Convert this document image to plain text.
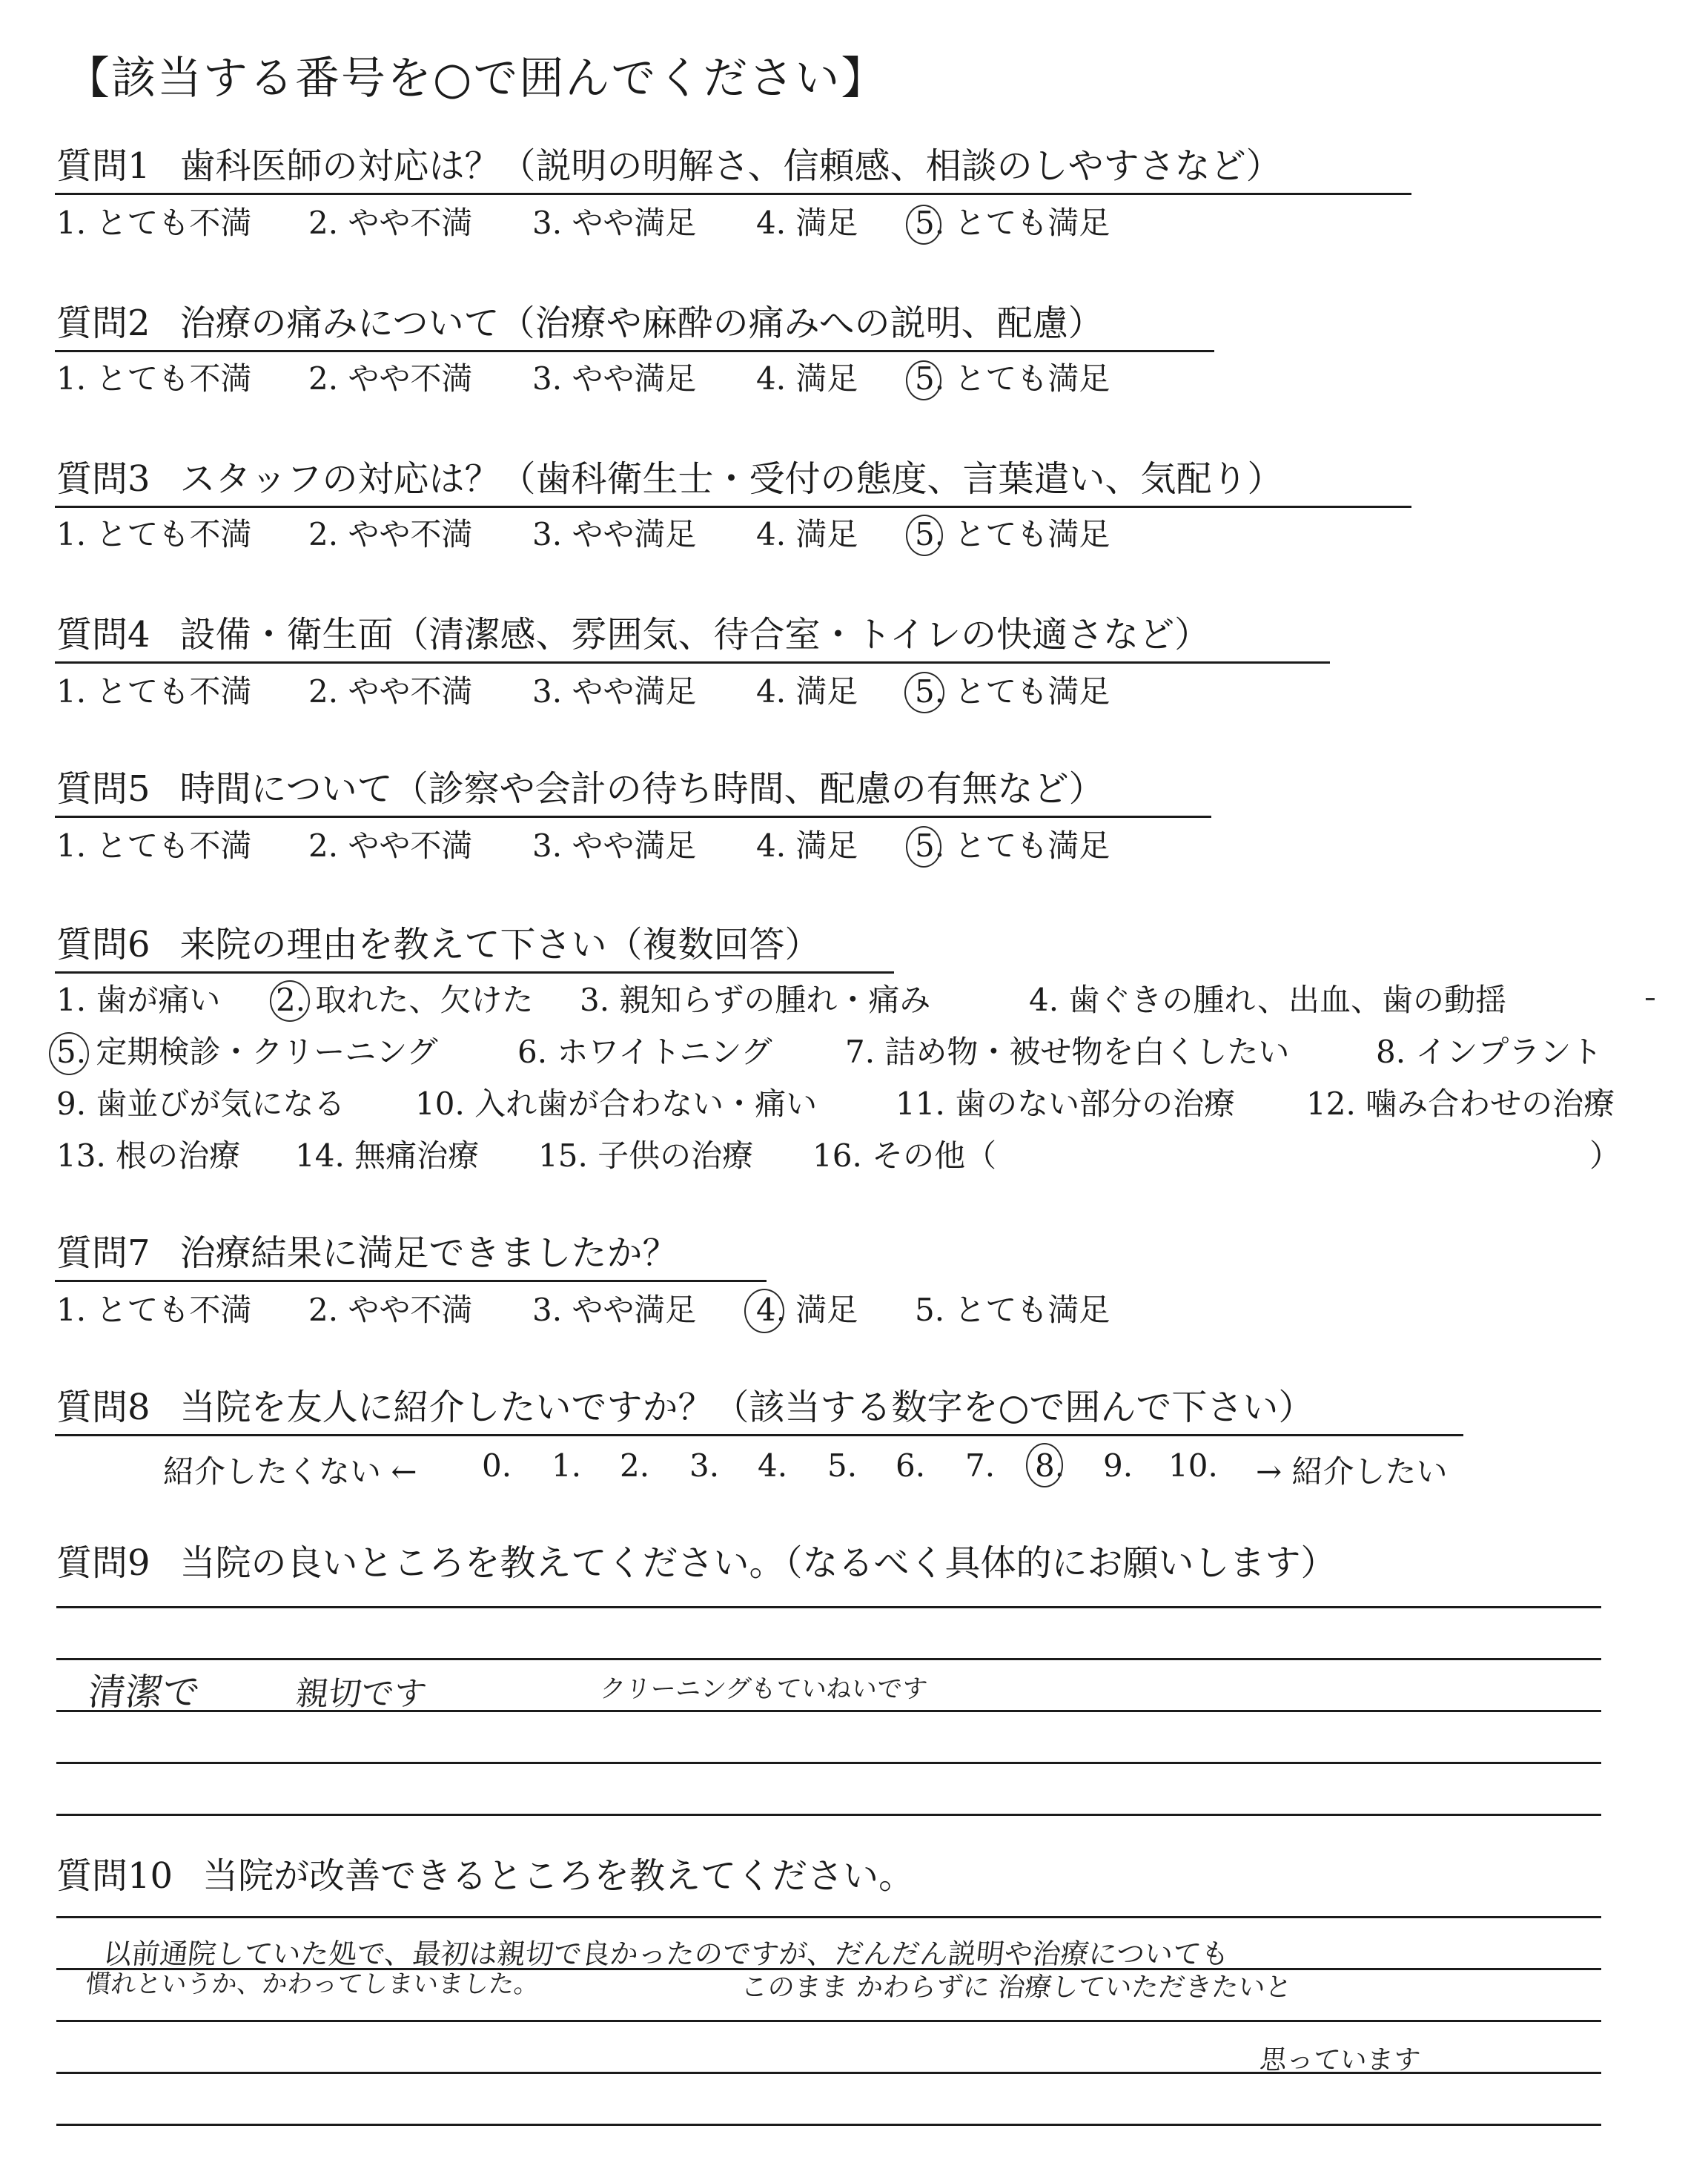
【該当する番号を○で囲んでください】
質問1 歯科医師の対応は？（説明の明解さ、信頼感、相談のしやすさなど）
1. とても不満 2. やや不満 3. やや満足 4. 満足 5. とても満足
質問2 治療の痛みについて（治療や麻酔の痛みへの説明、配慮）
1. とても不満 2. やや不満 3. やや満足 4. 満足 5. とても満足
質問3 スタッフの対応は？（歯科衛生士・受付の態度、言葉遣い、気配り）
1. とても不満 2. やや不満 3. やや満足 4. 満足 5. とても満足
質問4 設備・衛生面（清潔感、雰囲気、待合室・トイレの快適さなど）
1. とても不満 2. やや不満 3. やや満足 4. 満足 5. とても満足
質問5 時間について（診察や会計の待ち時間、配慮の有無など）
1. とても不満 2. やや不満 3. やや満足 4. 満足 5. とても満足
質問6 来院の理由を教えて下さい（複数回答）
1. 歯が痛い 2. 取れた、欠けた 3. 親知らずの腫れ・痛み	4. 歯ぐきの腫れ、出血、歯の動揺
5. 定期検診・クリーニング	6. ホワイトニング 7. 詰め物・被せ物を白くしたい	8. インプラント
9. 歯並びが気になる 10. 入れ歯が合わない・痛い	11. 歯のない部分の治療 12. 噛み合わせの治療
13. 根の治療 14. 無痛治療 15. 子供の治療 16. その他（	）
質問7 治療結果に満足できましたか？
1. とても不満 2. やや不満 3. やや満足 4. 満足 5. とても満足
質問8 当院を友人に紹介したいですか？（該当する数字を○で囲んで下さい）
紹介したくない ← 0. 1. 2. 3. 4. 5. 6. 7. 8. 9. 10. → 紹介したい
質問9 当院の良いところを教えてください。（なるべく具体的にお願いします）
清潔で	親切です	クリーニングもていねいです
質問10 当院が改善できるところを教えてください。
以前通院していた処で、最初は親切で良かったのですが、だんだん説明や治療についても
慣れというか、かわってしまいました。	このまま かわらずに 治療していただきたいと
思っています
